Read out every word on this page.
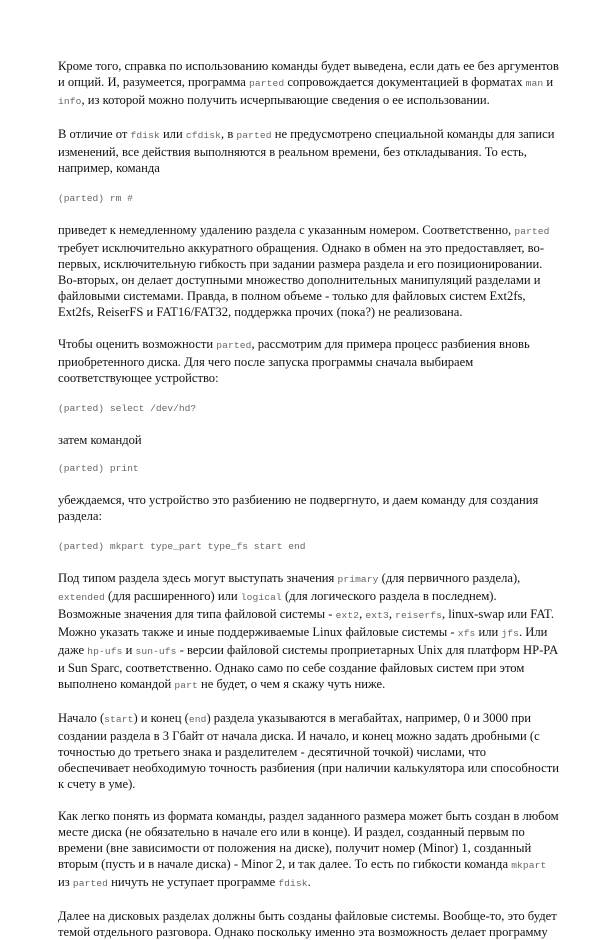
Кроме того, справка по использованию команды будет выведена, если дать ее без аргументов и опций. И, разумеется, программа parted сопровождается документацией в форматах man и info, из которой можно получить исчерпывающие сведения о ее использовании.

В отличие от fdisk или cfdisk, в parted не предусмотрено специальной команды для записи изменений, все действия выполняются в реальном времени, без откладывания. То есть, например, команда

(parted) rm #

приведет к немедленному удалению раздела с указанным номером. Соответственно, parted требует исключительно аккуратного обращения. Однако в обмен на это предоставляет, во-первых, исключительную гибкость при задании размера раздела и его позиционировании. Во-вторых, он делает доступными множество дополнительных манипуляций разделами и файловыми системами. Правда, в полном объеме - только для файловых систем Ext2fs, Ext2fs, ReiserFS и FAT16/FAT32, поддержка прочих (пока?) не реализована.

Чтобы оценить возможности parted, рассмотрим для примера процесс разбиения вновь приобретенного диска. Для чего после запуска программы сначала выбираем соответствующее устройство:

(parted) select /dev/hd?

затем командой

(parted) print

убеждаемся, что устройство это разбиению не подвергнуто, и даем команду для создания раздела:

(parted) mkpart type_part type_fs start end

Под типом раздела здесь могут выступать значения primary (для первичного раздела), extended (для расширенного) или logical (для логического раздела в последнем). Возможные значения для типа файловой системы - ext2, ext3, reiserfs, linux-swap или FAT. Можно указать также и иные поддерживаемые Linux файловые системы - xfs или jfs. Или даже hp-ufs и sun-ufs - версии файловой системы проприетарных Unix для платформ HP-PA и Sun Sparc, соответственно. Однако само по себе создание файловых систем при этом выполнено командой part не будет, о чем я скажу чуть ниже.

Начало (start) и конец (end) раздела указываются в мегабайтах, например, 0 и 3000 при создании раздела в 3 Гбайт от начала диска. И начало, и конец можно задать дробными (с точностью до третьего знака и разделителем - десятичной точкой) числами, что обеспечивает необходимую точность разбиения (при наличии калькулятора или способности к счету в уме).

Как легко понять из формата команды, раздел заданного размера может быть создан в любом месте диска (не обязательно в начале его или в конце). И раздел, созданный первым по времени (вне зависимости от положения на диске), получит номер (Minor) 1, созданный вторым (пусть и в начале диска) - Minor 2, и так далее. То есть по гибкости команда mkpart из parted ничуть не уступает программе fdisk.

Далее на дисковых разделах должны быть созданы файловые системы. Вообще-то, это будет темой отдельного разговора. Однако поскольку именно эта возможность делает программу
